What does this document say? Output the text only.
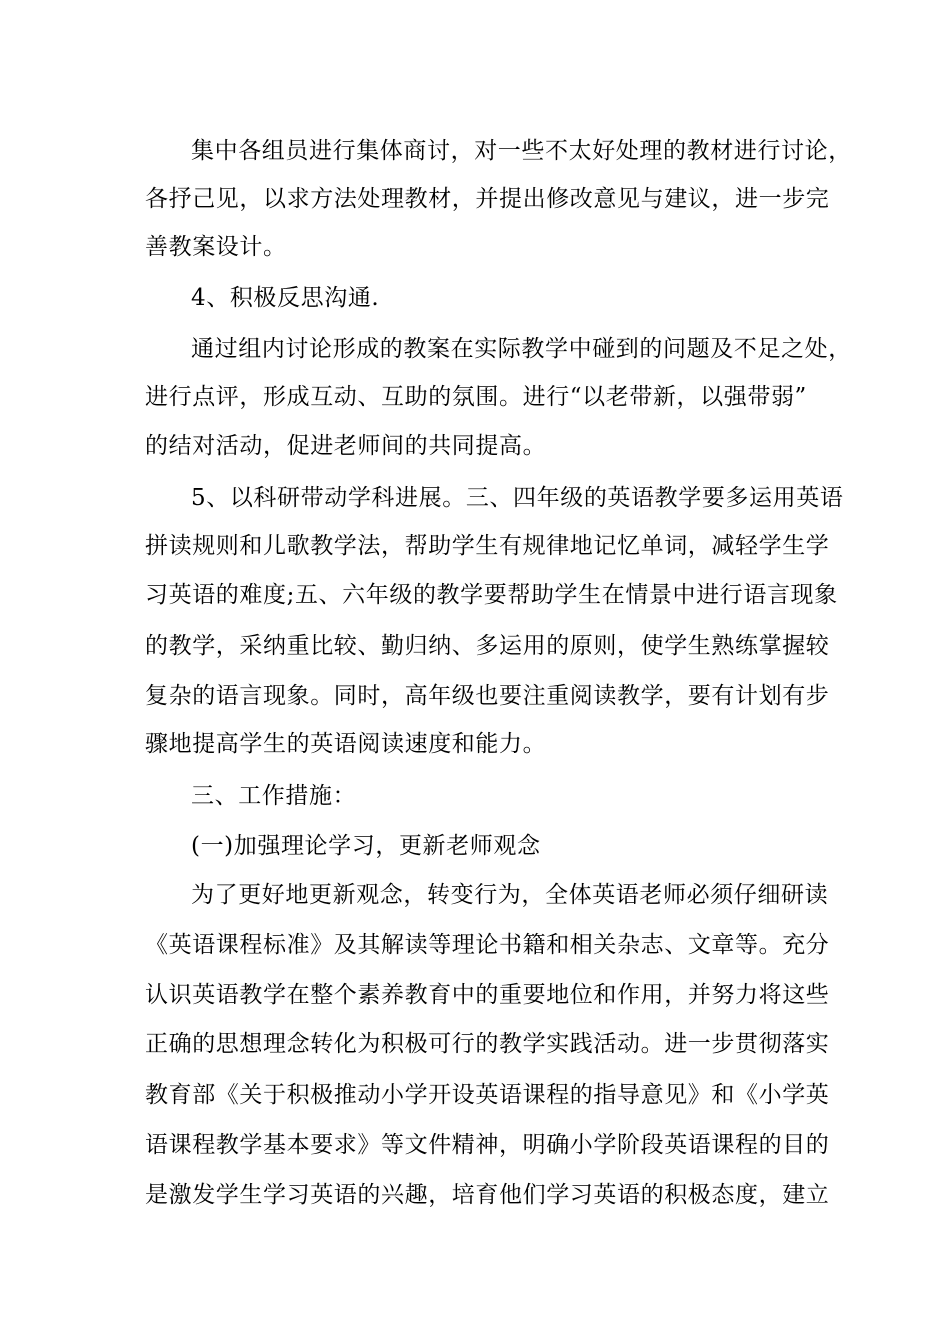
集中各组员进行集体商讨，对一些不太好处理的教材进行讨论，

各抒己见，以求方法处理教材，并提出修改意见与建议，进一步完

善教案设计。

4、积极反思沟通.

通过组内讨论形成的教案在实际教学中碰到的问题及不足之处，

进行点评，形成互动、互助的氛围。进行“以老带新，以强带弱”

的结对活动，促进老师间的共同提高。

5、以科研带动学科进展。三、四年级的英语教学要多运用英语

拼读规则和儿歌教学法，帮助学生有规律地记忆单词，减轻学生学

习英语的难度;五、六年级的教学要帮助学生在情景中进行语言现象

的教学，采纳重比较、勤归纳、多运用的原则，使学生熟练掌握较

复杂的语言现象。同时，高年级也要注重阅读教学，要有计划有步

骤地提高学生的英语阅读速度和能力。

三、工作措施：

(一)加强理论学习，更新老师观念

为了更好地更新观念，转变行为，全体英语老师必须仔细研读

《英语课程标准》及其解读等理论书籍和相关杂志、文章等。充分

认识英语教学在整个素养教育中的重要地位和作用，并努力将这些

正确的思想理念转化为积极可行的教学实践活动。进一步贯彻落实

教育部《关于积极推动小学开设英语课程的指导意见》和《小学英

语课程教学基本要求》等文件精神，明确小学阶段英语课程的目的

是激发学生学习英语的兴趣，培育他们学习英语的积极态度，建立
